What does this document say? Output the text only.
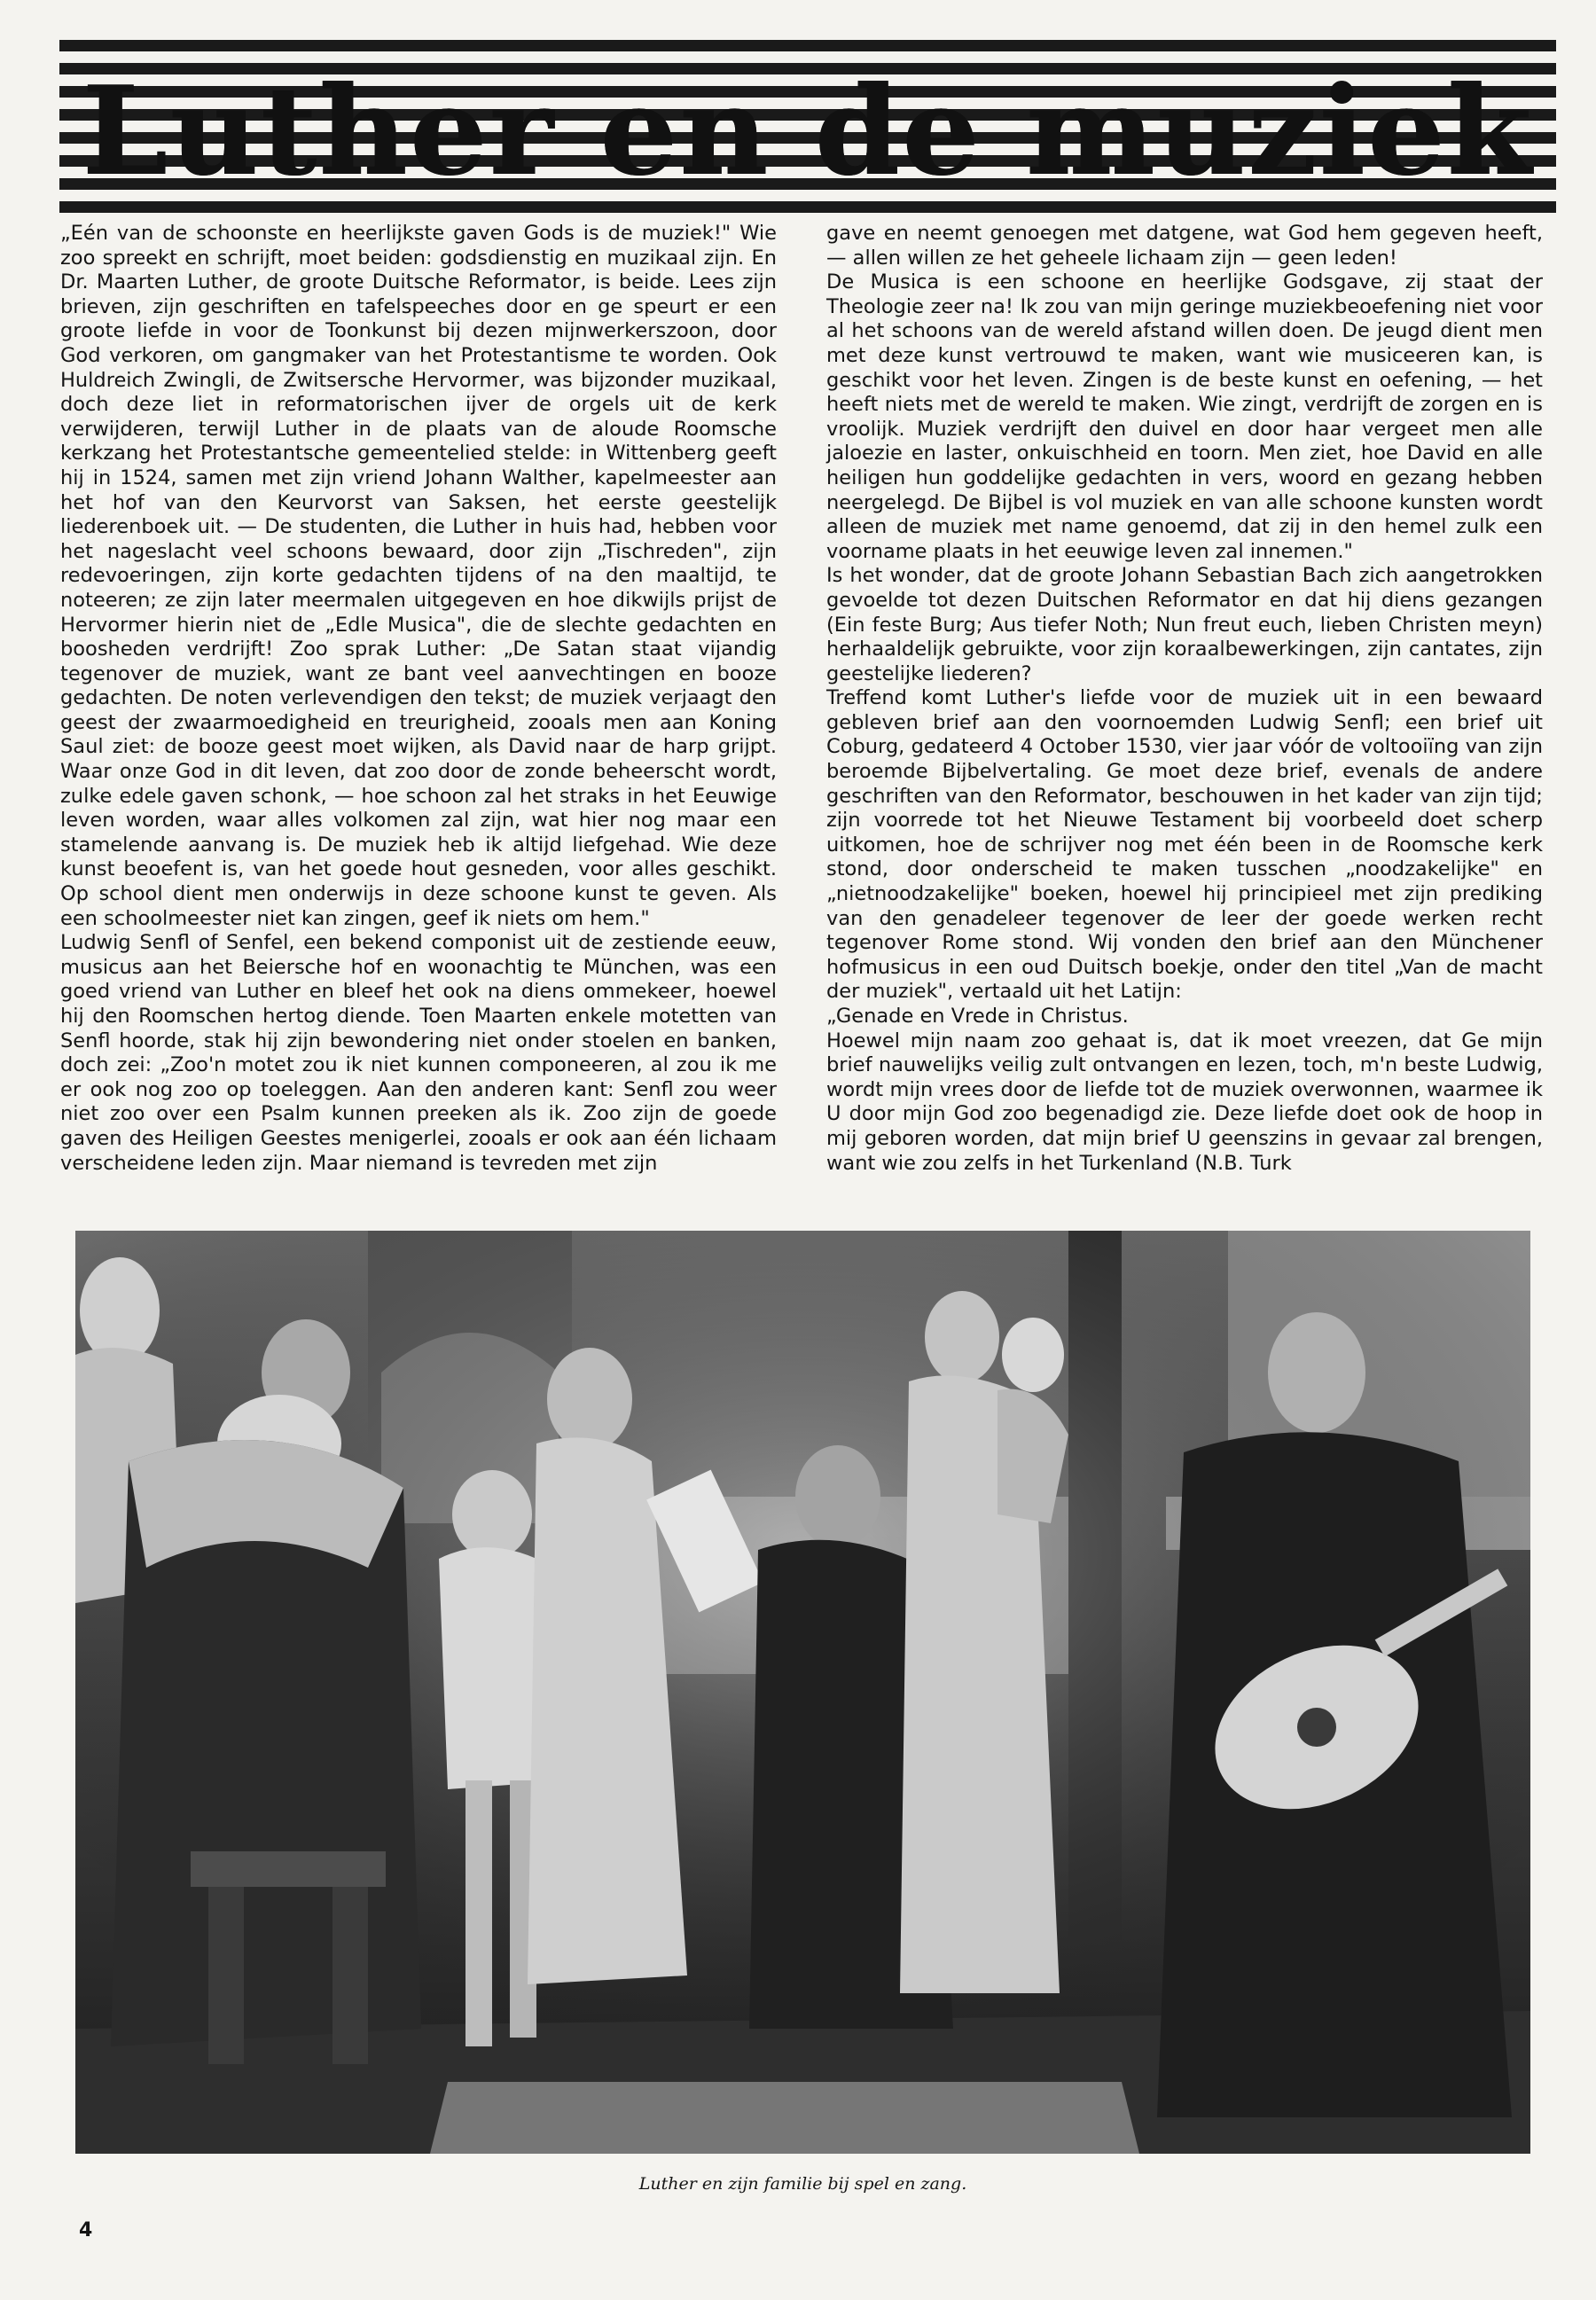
Luther en de muziek

„Eén van de schoonste en heerlijkste gaven Gods is de muziek!" Wie zoo spreekt en schrijft, moet beiden: godsdienstig en muzikaal zijn. En Dr. Maarten Luther, de groote Duitsche Reformator, is beide. Lees zijn brieven, zijn geschriften en tafelspeeches door en ge speurt er een groote liefde in voor de Toonkunst bij dezen mijnwerkerszoon, door God verkoren, om gangmaker van het Protestantisme te worden. Ook Huldreich Zwingli, de Zwitsersche Hervormer, was bijzonder muzikaal, doch deze liet in reformatorischen ijver de orgels uit de kerk verwijderen, terwijl Luther in de plaats van de aloude Roomsche kerkzang het Protestantsche gemeentelied stelde: in Wittenberg geeft hij in 1524, samen met zijn vriend Johann Walther, kapelmeester aan het hof van den Keurvorst van Saksen, het eerste geestelijk liederenboek uit. — De studenten, die Luther in huis had, hebben voor het nageslacht veel schoons bewaard, door zijn „Tischreden", zijn redevoeringen, zijn korte gedachten tijdens of na den maaltijd, te noteeren; ze zijn later meermalen uitgegeven en hoe dikwijls prijst de Hervormer hierin niet de „Edle Musica", die de slechte gedachten en boosheden verdrijft! Zoo sprak Luther: „De Satan staat vijandig tegenover de muziek, want ze bant veel aanvechtingen en booze gedachten. De noten verlevendigen den tekst; de muziek verjaagt den geest der zwaarmoedigheid en treurigheid, zooals men aan Koning Saul ziet: de booze geest moet wijken, als David naar de harp grijpt. Waar onze God in dit leven, dat zoo door de zonde beheerscht wordt, zulke edele gaven schonk, — hoe schoon zal het straks in het Eeuwige leven worden, waar alles volkomen zal zijn, wat hier nog maar een stamelende aanvang is. De muziek heb ik altijd liefgehad. Wie deze kunst beoefent is, van het goede hout gesneden, voor alles geschikt. Op school dient men onderwijs in deze schoone kunst te geven. Als een schoolmeester niet kan zingen, geef ik niets om hem."

Ludwig Senfl of Senfel, een bekend componist uit de zestiende eeuw, musicus aan het Beiersche hof en woonachtig te München, was een goed vriend van Luther en bleef het ook na diens ommekeer, hoewel hij den Roomschen hertog diende. Toen Maarten enkele motetten van Senfl hoorde, stak hij zijn bewondering niet onder stoelen en banken, doch zei: „Zoo'n motet zou ik niet kunnen componeeren, al zou ik me er ook nog zoo op toeleggen. Aan den anderen kant: Senfl zou weer niet zoo over een Psalm kunnen preeken als ik. Zoo zijn de goede gaven des Heiligen Geestes menigerlei, zooals er ook aan één lichaam verscheidene leden zijn. Maar niemand is tevreden met zijn

gave en neemt genoegen met datgene, wat God hem gegeven heeft, — allen willen ze het geheele lichaam zijn — geen leden!

De Musica is een schoone en heerlijke Godsgave, zij staat der Theologie zeer na! Ik zou van mijn geringe muziekbeoefening niet voor al het schoons van de wereld afstand willen doen. De jeugd dient men met deze kunst vertrouwd te maken, want wie musiceeren kan, is geschikt voor het leven. Zingen is de beste kunst en oefening, — het heeft niets met de wereld te maken. Wie zingt, verdrijft de zorgen en is vroolijk. Muziek verdrijft den duivel en door haar vergeet men alle jaloezie en laster, onkuischheid en toorn. Men ziet, hoe David en alle heiligen hun goddelijke gedachten in vers, woord en gezang hebben neergelegd. De Bijbel is vol muziek en van alle schoone kunsten wordt alleen de muziek met name genoemd, dat zij in den hemel zulk een voorname plaats in het eeuwige leven zal innemen."

Is het wonder, dat de groote Johann Sebastian Bach zich aangetrokken gevoelde tot dezen Duitschen Reformator en dat hij diens gezangen (Ein feste Burg; Aus tiefer Noth; Nun freut euch, lieben Christen meyn) herhaaldelijk gebruikte, voor zijn koraalbewerkingen, zijn cantates, zijn geestelijke liederen?

Treffend komt Luther's liefde voor de muziek uit in een bewaard gebleven brief aan den voornoemden Ludwig Senfl; een brief uit Coburg, gedateerd 4 October 1530, vier jaar vóór de voltooiïng van zijn beroemde Bijbelvertaling. Ge moet deze brief, evenals de andere geschriften van den Reformator, beschouwen in het kader van zijn tijd; zijn voorrede tot het Nieuwe Testament bij voorbeeld doet scherp uitkomen, hoe de schrijver nog met één been in de Roomsche kerk stond, door onderscheid te maken tusschen „noodzakelijke" en „nietnoodzakelijke" boeken, hoewel hij principieel met zijn prediking van den genadeleer tegenover de leer der goede werken recht tegenover Rome stond. Wij vonden den brief aan den Münchener hofmusicus in een oud Duitsch boekje, onder den titel „Van de macht der muziek", vertaald uit het Latijn:

„Genade en Vrede in Christus.

Hoewel mijn naam zoo gehaat is, dat ik moet vreezen, dat Ge mijn brief nauwelijks veilig zult ontvangen en lezen, toch, m'n beste Ludwig, wordt mijn vrees door de liefde tot de muziek overwonnen, waarmee ik U door mijn God zoo begenadigd zie. Deze liefde doet ook de hoop in mij geboren worden, dat mijn brief U geenszins in gevaar zal brengen, want wie zou zelfs in het Turkenland (N.B. Turk

Luther en zijn familie bij spel en zang.
4
